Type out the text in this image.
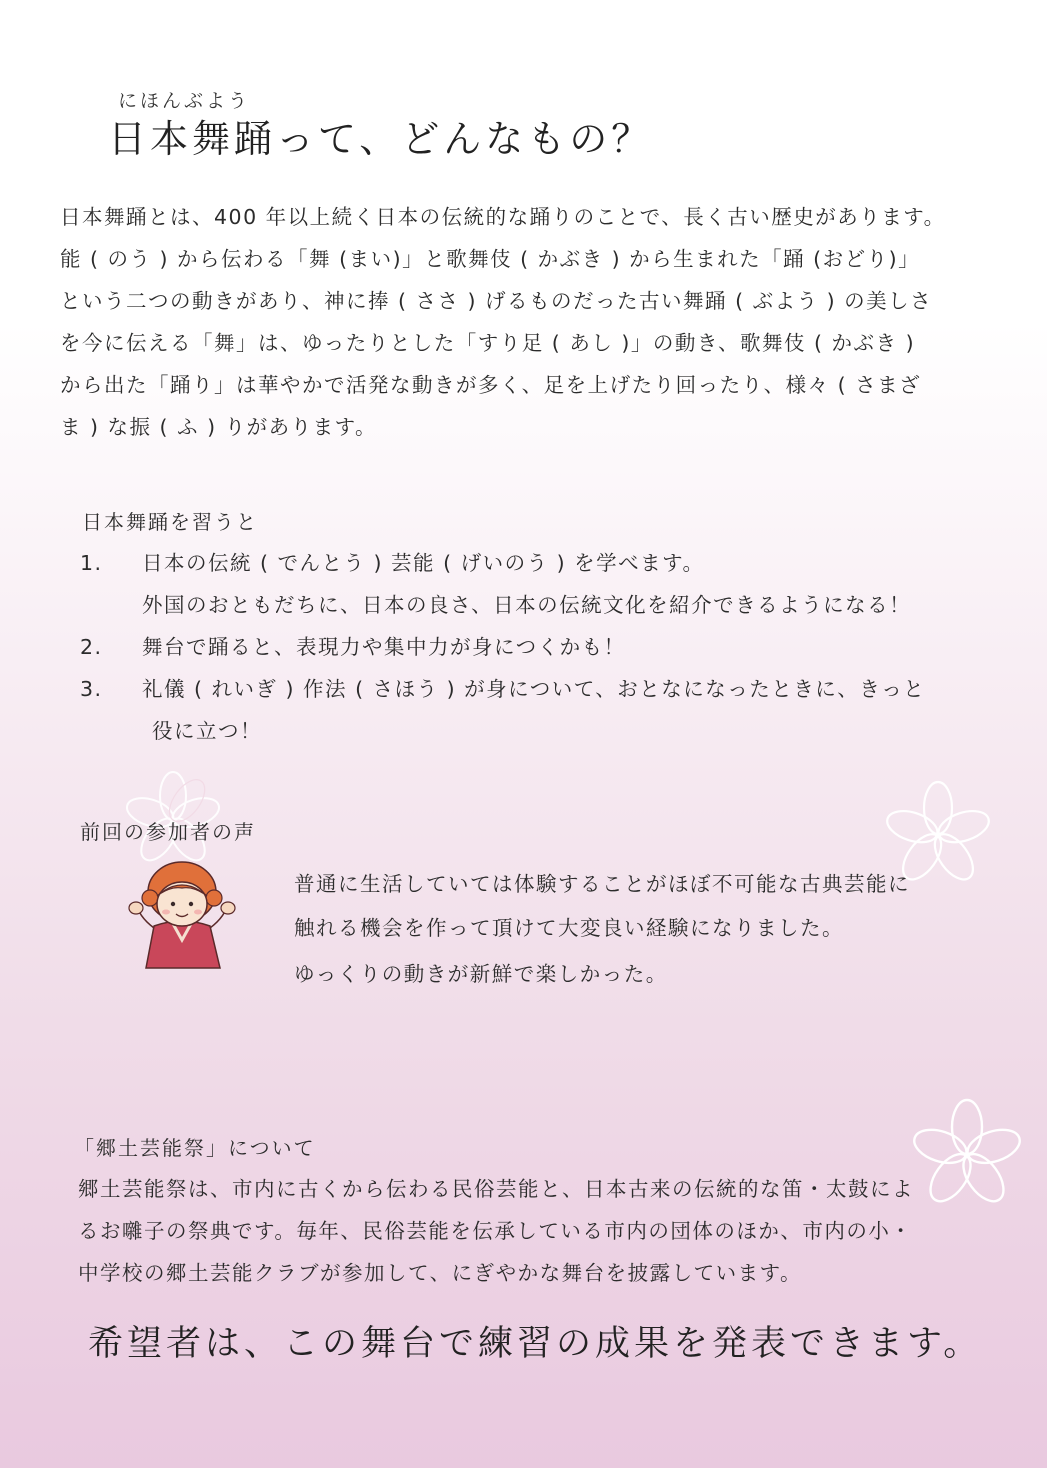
にほんぶよう
日本舞踊って、どんなもの？
日本舞踊とは、400 年以上続く日本の伝統的な踊りのことで、長く古い歴史があります。
能 ( のう ) から伝わる「舞 (まい)」と歌舞伎 ( かぶき ) から生まれた「踊 (おどり)」
という二つの動きがあり、神に捧 ( ささ ) げるものだった古い舞踊 ( ぶよう ) の美しさ
を今に伝える「舞」は、ゆったりとした「すり足 ( あし )」の動き、歌舞伎 ( かぶき )
から出た「踊り」は華やかで活発な動きが多く、足を上げたり回ったり、様々 ( さまざ
ま ) な振 ( ふ ) りがあります。
日本舞踊を習うと
1.	日本の伝統 ( でんとう ) 芸能 ( げいのう ) を学べます。
外国のおともだちに、日本の良さ、日本の伝統文化を紹介できるようになる！
2.	舞台で踊ると、表現力や集中力が身につくかも！
3.	礼儀 ( れいぎ ) 作法 ( さほう ) が身について、おとなになったときに、きっと
役に立つ！
前回の参加者の声
普通に生活していては体験することがほぼ不可能な古典芸能に
触れる機会を作って頂けて大変良い経験になりました。
ゆっくりの動きが新鮮で楽しかった。
「郷土芸能祭」について
郷土芸能祭は、市内に古くから伝わる民俗芸能と、日本古来の伝統的な笛・太鼓によ
るお囃子の祭典です。毎年、民俗芸能を伝承している市内の団体のほか、市内の小・
中学校の郷土芸能クラブが参加して、にぎやかな舞台を披露しています。
希望者は、この舞台で練習の成果を発表できます。
